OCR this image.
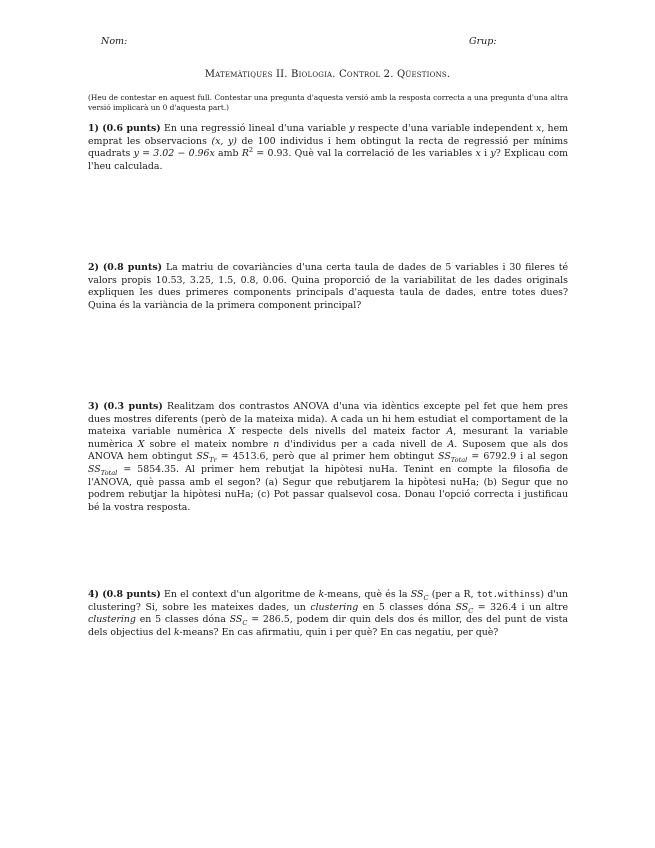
Nom:	Grup:
Matemàtiques II. Biologia. Control 2. Qüestions.
(Heu de contestar en aquest full. Contestar una pregunta d'aquesta versió amb la resposta correcta a una pregunta d'una altra versió implicarà un 0 d'aquesta part.)
1) (0.6 punts) En una regressió lineal d'una variable y respecte d'una variable independent x, hem emprat les observacions (x, y) de 100 individus i hem obtingut la recta de regressió per mínims quadrats y = 3.02 − 0.96x amb $R^2 = 0.93$. Què val la correlació de les variables x i y? Explicau com l'heu calculada.
2) (0.8 punts) La matriu de covariàncies d'una certa taula de dades de 5 variables i 30 fileres té valors propis 10.53, 3.25, 1.5, 0.8, 0.06. Quina proporció de la variabilitat de les dades originals expliquen les dues primeres components principals d'aquesta taula de dades, entre totes dues? Quina és la variància de la primera component principal?
3) (0.3 punts) Realitzam dos contrastos ANOVA d'una via idèntics excepte pel fet que hem pres dues mostres diferents (però de la mateixa mida). A cada un hi hem estudiat el comportament de la mateixa variable numèrica X respecte dels nivells del mateix factor A, mesurant la variable numèrica X sobre el mateix nombre n d'individus per a cada nivell de A. Suposem que als dos ANOVA hem obtingut $SS_{Tr} = 4513.6$, però que al primer hem obtingut $SS_{Total} = 6792.9$ i al segon $SS_{Total} = 5854.35$. Al primer hem rebutjat la hipòtesi nuHa. Tenint en compte la filosofia de l'ANOVA, què passa amb el segon? (a) Segur que rebutjarem la hipòtesi nuHa; (b) Segur que no podrem rebutjar la hipòtesi nuHa; (c) Pot passar qualsevol cosa. Donau l'opció correcta i justificau bé la vostra resposta.
4) (0.8 punts) En el context d'un algoritme de k-means, què és la $SS_C$ (per a R, tot.withinss) d'un clustering? Si, sobre les mateixes dades, un clustering en 5 classes dóna $SS_C = 326.4$ i un altre clustering en 5 classes dóna $SS_C = 286.5$, podem dir quin dels dos és millor, des del punt de vista dels objectius del k-means? En cas afirmatiu, quin i per què? En cas negatiu, per què?
